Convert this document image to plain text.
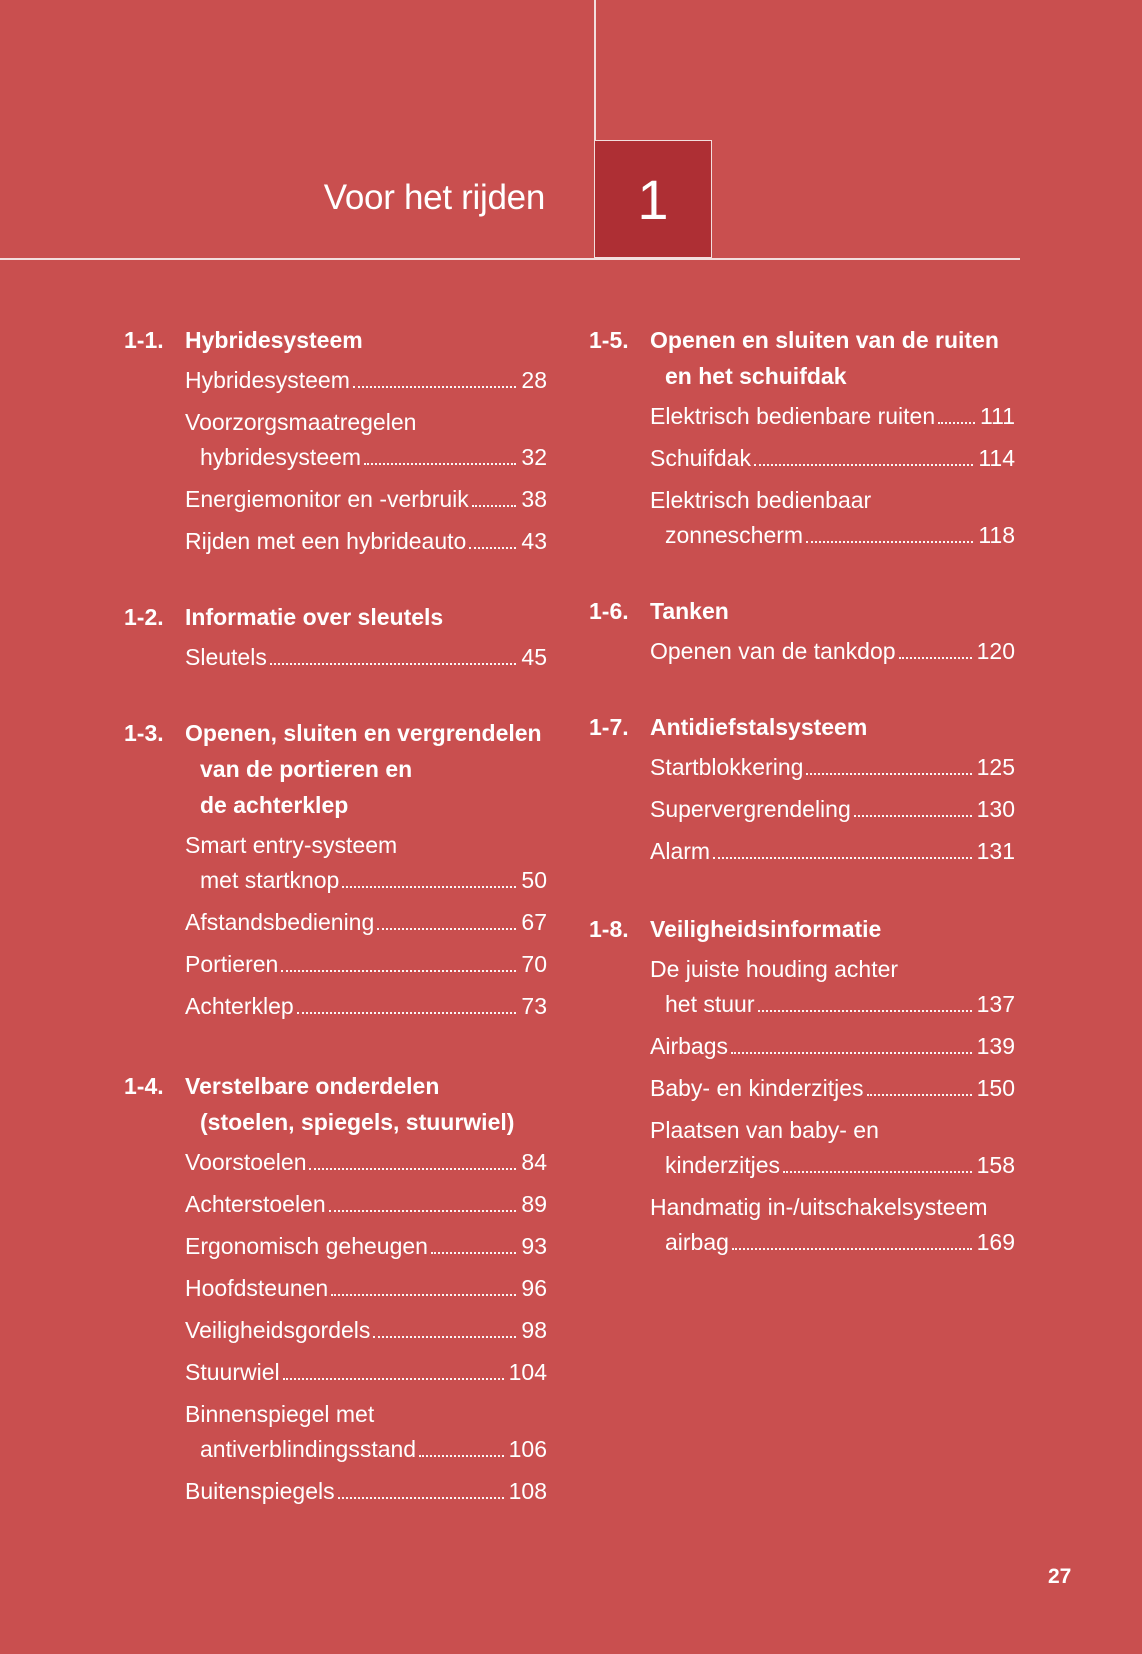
Voor het rijden 1
1-1. Hybridesysteem
Hybridesysteem	28
Voorzorgsmaatregelen
hybridesysteem	32
Energiemonitor en -verbruik 38
Rijden met een hybrideauto 43
1-2. Informatie over sleutels
Sleutels	45
1-3. Openen, sluiten en vergrendelen
van de portieren en
de achterklep
Smart entry-systeem
met startknop	50
Afstandsbediening	67
Portieren	70
Achterklep	73
1-4. Verstelbare onderdelen
(stoelen, spiegels, stuurwiel)
Voorstoelen	84
Achterstoelen	89
Ergonomisch geheugen	93
Hoofdsteunen	96
Veiligheidsgordels	98
Stuurwiel	104
Binnenspiegel met
antiverblindingsstand	106
Buitenspiegels	108
1-5. Openen en sluiten van de ruiten
en het schuifdak
Elektrisch bedienbare ruiten 111
Schuifdak	114
Elektrisch bedienbaar
zonnescherm	118
1-6. Tanken
Openen van de tankdop	120
1-7. Antidiefstalsysteem
Startblokkering	125
Supervergrendeling	130
Alarm	131
1-8. Veiligheidsinformatie
De juiste houding achter
het stuur	137
Airbags	139
Baby- en kinderzitjes	150
Plaatsen van baby- en
kinderzitjes	158
Handmatig in-/uitschakelsysteem
airbag	169
27
